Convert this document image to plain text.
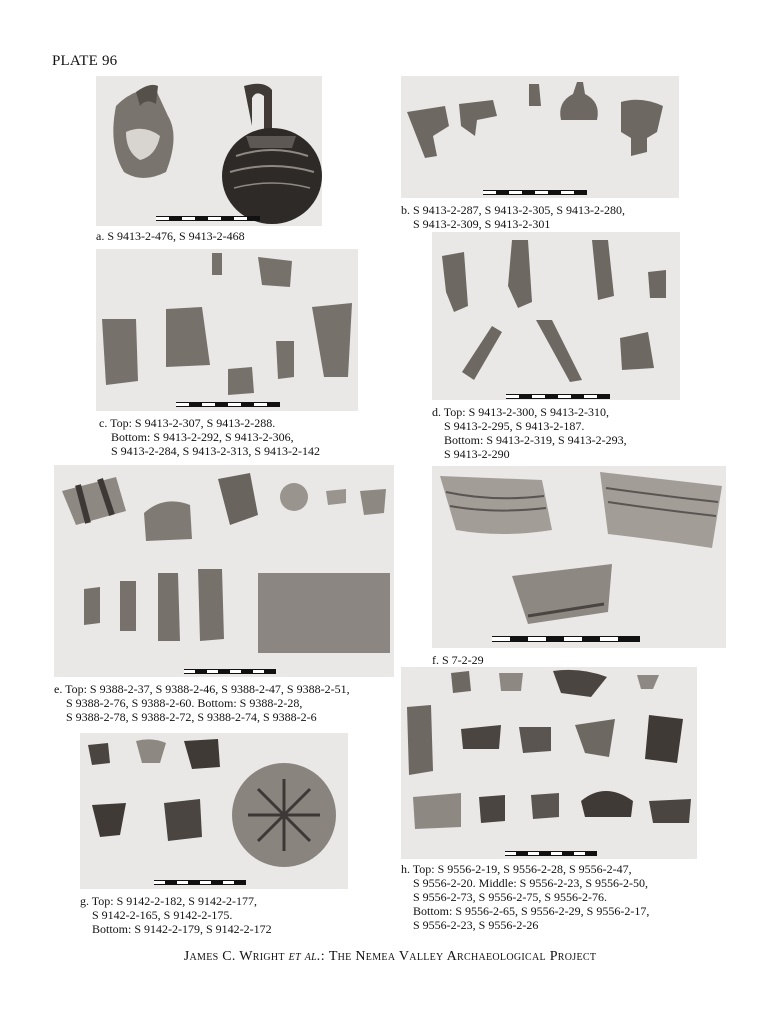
PLATE 96
a. S 9413-2-476, S 9413-2-468
b. S 9413-2-287, S 9413-2-305, S 9413-2-280,
S 9413-2-309, S 9413-2-301
c. Top: S 9413-2-307, S 9413-2-288.
Bottom: S 9413-2-292, S 9413-2-306,
S 9413-2-284, S 9413-2-313, S 9413-2-142
d. Top: S 9413-2-300, S 9413-2-310,
S 9413-2-295, S 9413-2-187.
Bottom: S 9413-2-319, S 9413-2-293,
S 9413-2-290
e. Top: S 9388-2-37, S 9388-2-46, S 9388-2-47, S 9388-2-51,
S 9388-2-76, S 9388-2-60. Bottom: S 9388-2-28,
S 9388-2-78, S 9388-2-72, S 9388-2-74, S 9388-2-6
f. S 7-2-29
g. Top: S 9142-2-182, S 9142-2-177,
S 9142-2-165, S 9142-2-175.
Bottom: S 9142-2-179, S 9142-2-172
h. Top: S 9556-2-19, S 9556-2-28, S 9556-2-47,
S 9556-2-20. Middle: S 9556-2-23, S 9556-2-50,
S 9556-2-73, S 9556-2-75, S 9556-2-76.
Bottom: S 9556-2-65, S 9556-2-29, S 9556-2-17,
S 9556-2-23, S 9556-2-26
James C. Wright et al.: The Nemea Valley Archaeological Project
